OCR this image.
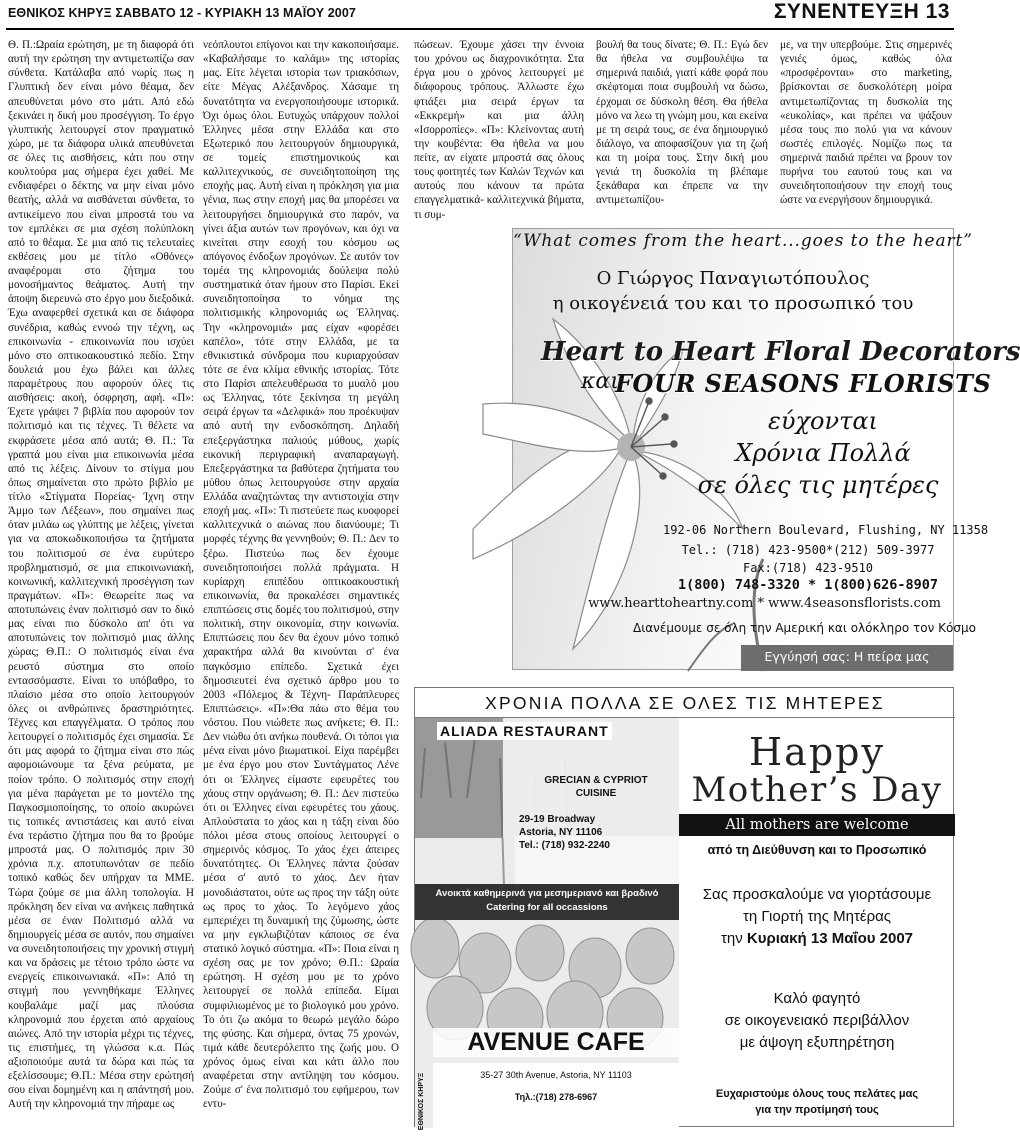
ΕΘΝΙΚΟΣ ΚΗΡΥΞ ΣΑΒΒΑΤΟ 12 - ΚΥΡΙΑΚΗ 13 ΜΑΪΟΥ 2007	ΣΥΝΕΝΤΕΥΞΗ 13

Θ. Π.:Ωραία ερώτηση, με τη διαφορά ότι αυτή την ερώτηση την αντιμετωπίζω σαν σύνθετα. Κατάλαβα από νωρίς πως η Γλυπτική δεν είναι μόνο θέαμα, δεν απευθύνεται μόνο στο μάτι. Από εδώ ξεκινάει η δική μου προσέγγιση. Το έργο γλυπτικής λειτουργεί στον πραγματικό χώρο, με τα διάφορα υλικά απευθύνεται σε όλες τις αισθήσεις, κάτι που στην κουλτούρα μας σήμερα έχει χαθεί. Με ενδιαφέρει ο δέκτης να μην είναι μόνο θεατής, αλλά να αισθάνεται σύνθετα, το αντικείμενο που είναι μπροστά του να τον εμπλέκει σε μια σχέση πολύπλοκη από το θέαμα. Σε μια από τις τελευταίες εκθέσεις μου με τίτλο «Οθόνες» αναφέρομαι στο ζήτημα του μονοσήμαντος θεάματος. Αυτή την άποψη διερευνώ στο έργο μου διεξοδικά. Έχω αναφερθεί σχετικά και σε διάφορα συνέδρια, καθώς εννοώ την τέχνη, ως επικοινωνία - επικοινωνία που ισχύει μόνο στο οπτικοακουστικό πεδίο. Στην δουλειά μου έχω βάλει και άλλες παραμέτρους που αφορούν όλες τις αισθήσεις: ακοή, όσφρηση, αφή. «Π»: Έχετε γράψει 7 βιβλία που αφορούν τον πολιτισμό και τις τέχνες. Τι θέλετε να εκφράσετε μέσα από αυτά; Θ. Π.: Τα γραπτά μου είναι μια επικοινωνία μέσα από τις λέξεις. Δίνουν το στίγμα μου όπως σημαίνεται στο πρώτο βιβλίο με τίτλο «Στίγματα Πορείας- Ίχνη στην Άμμο των Λέξεων», που σημαίνει πως όταν μιλάω ως γλύπτης με λέξεις, γίνεται για να αποκωδικοποιήσω τα ζητήματα του πολιτισμού σε ένα ευρύτερο προβληματισμό, σε μια επικοινωνιακή, κοινωνική, καλλιτεχνική προσέγγιση των πραγμάτων. «Π»: Θεωρείτε πως να αποτυπώνεις έναν πολιτισμό σαν το δικό μας είναι πιο δύσκολο απ' ότι να αποτυπώνεις τον πολιτισμό μιας άλλης χώρας; Θ.Π.: Ο πολιτισμός είναι ένα ρευστό σύστημα στο οποίο εντασσόμαστε. Είναι το υπόβαθρο, το πλαίσιο μέσα στο οποίο λειτουργούν όλες οι ανθρώπινες δραστηριότητες. Τέχνες και επαγγέλματα. Ο τρόπος που λειτουργεί ο πολιτισμός έχει σημασία. Σε ότι μας αφορά το ζήτημα είναι στο πώς αφομοιώνουμε τα ξένα ρεύματα, με ποίον τρόπο. Ο πολιτισμός στην εποχή για μένα παράγεται με το μοντέλο της Παγκοσμιοποίησης, το οποίο ακυρώνει τις τοπικές αντιστάσεις και αυτό είναι ένα τεράστιο ζήτημα που θα το βρούμε μπροστά μας. Ο πολιτισμός πριν 30 χρόνια π.χ. αποτυπωνόταν σε πεδίο τοπικό καθώς δεν υπήρχαν τα ΜΜΕ. Τώρα ζούμε σε μια άλλη τοπολογία. Η πρόκληση δεν είναι να ανήκεις παθητικά μέσα σε έναν Πολιτισμό αλλά να δημιουργείς μέσα σε αυτόν, που σημαίνει να συνειδητοποιήσεις την χρονική στιγμή και να δράσεις με τέτοιο τρόπο ώστε να ενεργείς επικοινωνιακά. «Π»: Από τη στιγμή που γεννηθήκαμε Έλληνες κουβαλάμε μαζί μας πλούσια κληρονομιά που έρχεται από αρχαίους αιώνες. Από την ιστορία μέχρι τις τέχνες, τις επιστήμες, τη γλώσσα κ.α. Πώς αξιοποιούμε αυτά τα δώρα και πώς τα εξελίσσουμε; Θ.Π.: Μέσα στην ερώτησή σου είναι δομημένη και η απάντησή μου. Αυτή την κληρονομιά την πήραμε ως

νεόπλουτοι επίγονοι και την κακοποιήσαμε. «Καβαλήσαμε το καλάμι» της ιστορίας μας. Είτε λέγεται ιστορία των τριακόσιων, είτε Μέγας Αλέξανδρος. Χάσαμε τη δυνατότητα να ενεργοποιήσουμε ιστορικά. Όχι όμως όλοι. Ευτυχώς υπάρχουν πολλοί Έλληνες μέσα στην Ελλάδα και στο Εξωτερικό που λειτουργούν δημιουργικά, σε τομείς επιστημονικούς και καλλιτεχνικούς, σε συνειδητοποίηση της εποχής μας. Αυτή είναι η πρόκληση για μια γένια, πως στην εποχή μας θα μπορέσει να λειτουργήσει δημιουργικά στο παρόν, να γίνει άξια αυτών των προγόνων, και όχι να κινείται στην εσοχή του κόσμου ως απόγονος ένδοξων προγόνων. Σε αυτόν τον τομέα της κληρονομιάς δούλεψα πολύ συστηματικά όταν ήμουν στο Παρίσι. Εκεί συνειδητοποίησα το νόημα της πολιτισμικής κληρονομιάς ως Έλληνας. Την «κληρονομιά» μας είχαν «φορέσει καπέλο», τότε στην Ελλάδα, με τα εθνικιστικά σύνδρομα που κυριαρχούσαν τότε σε ένα κλίμα εθνικής ιστορίας. Τότε στο Παρίσι απελευθέρωσα το μυαλό μου ως Έλληνας, τότε ξεκίνησα τη μεγάλη σειρά έργων τα «Δελφικά» που προέκυψαν από αυτή την ενδοσκόπηση. Δηλαδή επεξεργάστηκα παλιούς μύθους, χωρίς εικονική περιγραφική αναπαραγωγή. Επεξεργάστηκα τα βαθύτερα ζητήματα του μύθου όπως λειτουργούσε στην αρχαία Ελλάδα αναζητώντας την αντιστοιχία στην εποχή μας. «Π»: Τι πιστεύετε πως κυοφορεί καλλιτεχνικά ο αιώνας που διανύουμε; Τι μορφές τέχνης θα γεννηθούν; Θ. Π.: Δεν το ξέρω. Πιστεύω πως δεν έχουμε συνειδητοποιήσει πολλά πράγματα. Η κυρίαρχη επιπέδου οπτικοακουστική επικοινωνία, θα προκαλέσει σημαντικές επιπτώσεις στις δομές του πολιτισμού, στην πολιτική, στην οικονομία, στην κοινωνία. Επιπτώσεις που δεν θα έχουν μόνο τοπικό χαρακτήρα αλλά θα κινούνται σ' ένα παγκόσμιο επίπεδο. Σχετικά έχει δημοσιευτεί ένα σχετικό άρθρο μου το 2003 «Πόλεμος & Τέχνη- Παράπλευρες Επιπτώσεις». «Π»:Θα πάω στο θέμα του νόστου. Που νιώθετε πως ανήκετε; Θ. Π.: Δεν νιώθω ότι ανήκω πουθενά. Οι τόποι για μένα είναι μόνο βιωματικοί. Είχα παρέμβει με ένα έργο μου στον Συντάγματος Λένε ότι οι Έλληνες είμαστε εφευρέτες του χάους στην οργάνωση; Θ. Π.: Δεν πιστεύω ότι οι Έλληνες είναι εφευρέτες του χάους. Απλούστατα το χάος και η τάξη είναι δύο πόλοι μέσα στους οποίους λειτουργεί ο σημερινός κόσμος. Το χάος έχει άπειρες δυνατότητες. Οι Έλληνες πάντα ζούσαν μέσα σ' αυτό το χάος. Δεν ήταν μονοδιάστατοι, ούτε ως προς την τάξη ούτε ως προς το χάος. Το λεγόμενο χάος εμπεριέχει τη δυναμική της ζύμωσης, ώστε να μην εγκλωβιζόταν κάποιος σε ένα στατικό λογικό σύστημα. «Π»: Ποια είναι η σχέση σας με τον χρόνο; Θ.Π.: Ωραία ερώτηση. Η σχέση μου με το χρόνο λειτουργεί σε πολλά επίπεδα. Είμαι συμφιλιωμένος με το βιολογικό μου χρόνο. Το ότι ζω ακόμα το θεωρώ μεγάλο δώρο της φύσης. Και σήμερα, όντας 75 χρονών, τιμά κάθε δευτερόλεπτο της ζωής μου. Ο χρόνος όμως είναι και κάτι άλλο που αναφέρεται στην αντίληψη του κόσμου. Ζούμε σ' ένα πολιτισμό του εφήμερου, των εντυ-

πώσεων. Έχουμε χάσει την έννοια του χρόνου ως διαχρονικότητα. Στα έργα μου ο χρόνος λειτουργεί με διάφορους τρόπους. Άλλωστε έχω φτιάξει μια σειρά έργων τα «Εκκρεμή» και μια άλλη «Ισορροπίες». «Π»: Κλείνοντας αυτή την κουβέντα: Θα ήθελα να μου πείτε, αν είχατε μπροστά σας όλους τους φοιτητές των Καλών Τεχνών και αυτούς που κάνουν τα πρώτα επαγγελματικά- καλλιτεχνικά βήματα, τι συμ-

βουλή θα τους δίνατε; Θ. Π.: Εγώ δεν θα ήθελα να συμβουλέψω τα σημερινά παιδιά, γιατί κάθε φορά που σκέφτομαι ποια συμβουλή να δώσω, έρχομαι σε δύσκολη θέση. Θα ήθελα μόνο να λεω τη γνώμη μου, και εκείνα με τη σειρά τους, σε ένα δημιουργικό διάλογο, να αποφασίζουν για τη ζωή και τη μοίρα τους. Στην δική μου γενιά τη δυσκολία τη βλέπαμε ξεκάθαρα και έπρεπε να την αντιμετωπίζου-

με, να την υπερβούμε. Στις σημερινές γενιές όμως, καθώς όλα «προσφέρονται» στο marketing, βρίσκονται σε δυσκολότερη μοίρα αντιμετωπίζοντας τη δυσκολία της «ευκολίας», και πρέπει να ψάξουν μέσα τους πιο πολύ για να κάνουν σωστές επιλογές. Νομίζω πως τα σημερινά παιδιά πρέπει να βρουν τον πυρήνα του εαυτού τους και να συνειδητοποιήσουν την εποχή τους ώστε να ενεργήσουν δημιουργικά.

“What comes from the heart...goes to the heart”
Ο Γιώργος Παναγιωτόπουλος
η οικογένειά του και το προσωπικό του
Heart to Heart Floral Decorators
και
FOUR SEASONS FLORISTS
εύχονται
Χρόνια Πολλά
σε όλες τις μητέρες
192-06 Northern Boulevard, Flushing, NY 11358
Tel.: (718) 423-9500*(212) 509-3977
Fax:(718) 423-9510
1(800) 748-3320 * 1(800)626-8907
www.hearttoheartny.com * www.4seasonsflorists.com
Διανέμουμε σε όλη την Αμερική και ολόκληρο τον Κόσμο
Εγγύησή σας: Η πείρα μας
ΧΡΟΝΙΑ ΠΟΛΛΑ ΣΕ ΟΛΕΣ ΤΙΣ ΜΗΤΕΡΕΣ
ALIADA RESTAURANT
GRECIAN & CYPRIOT CUISINE
29-19 Broadway
Astoria, NY 11106
Tel.: (718) 932-2240
Ανοικτά καθημερινά για μεσημεριανό και βραδινό
Catering for all occassions
AVENUE CAFE
35-27 30th Avenue, Astoria, NY 11103
Τηλ.:(718) 278-6967
ΕΘΝΙΚΟΣ ΚΗΡΥΞ
Happy
Mother’s Day
All mothers are welcome
από τη Διεύθυνση και το Προσωπικό
Σας προσκαλούμε να γιορτάσουμε
τη Γιορτή της Μητέρας
την Κυριακή 13 Μαΐου 2007
Καλό φαγητό
σε οικογενειακό περιβάλλον
με άψογη εξυπηρέτηση
Ευχαριστούμε όλους τους πελάτες μας
για την προτίμησή τους
